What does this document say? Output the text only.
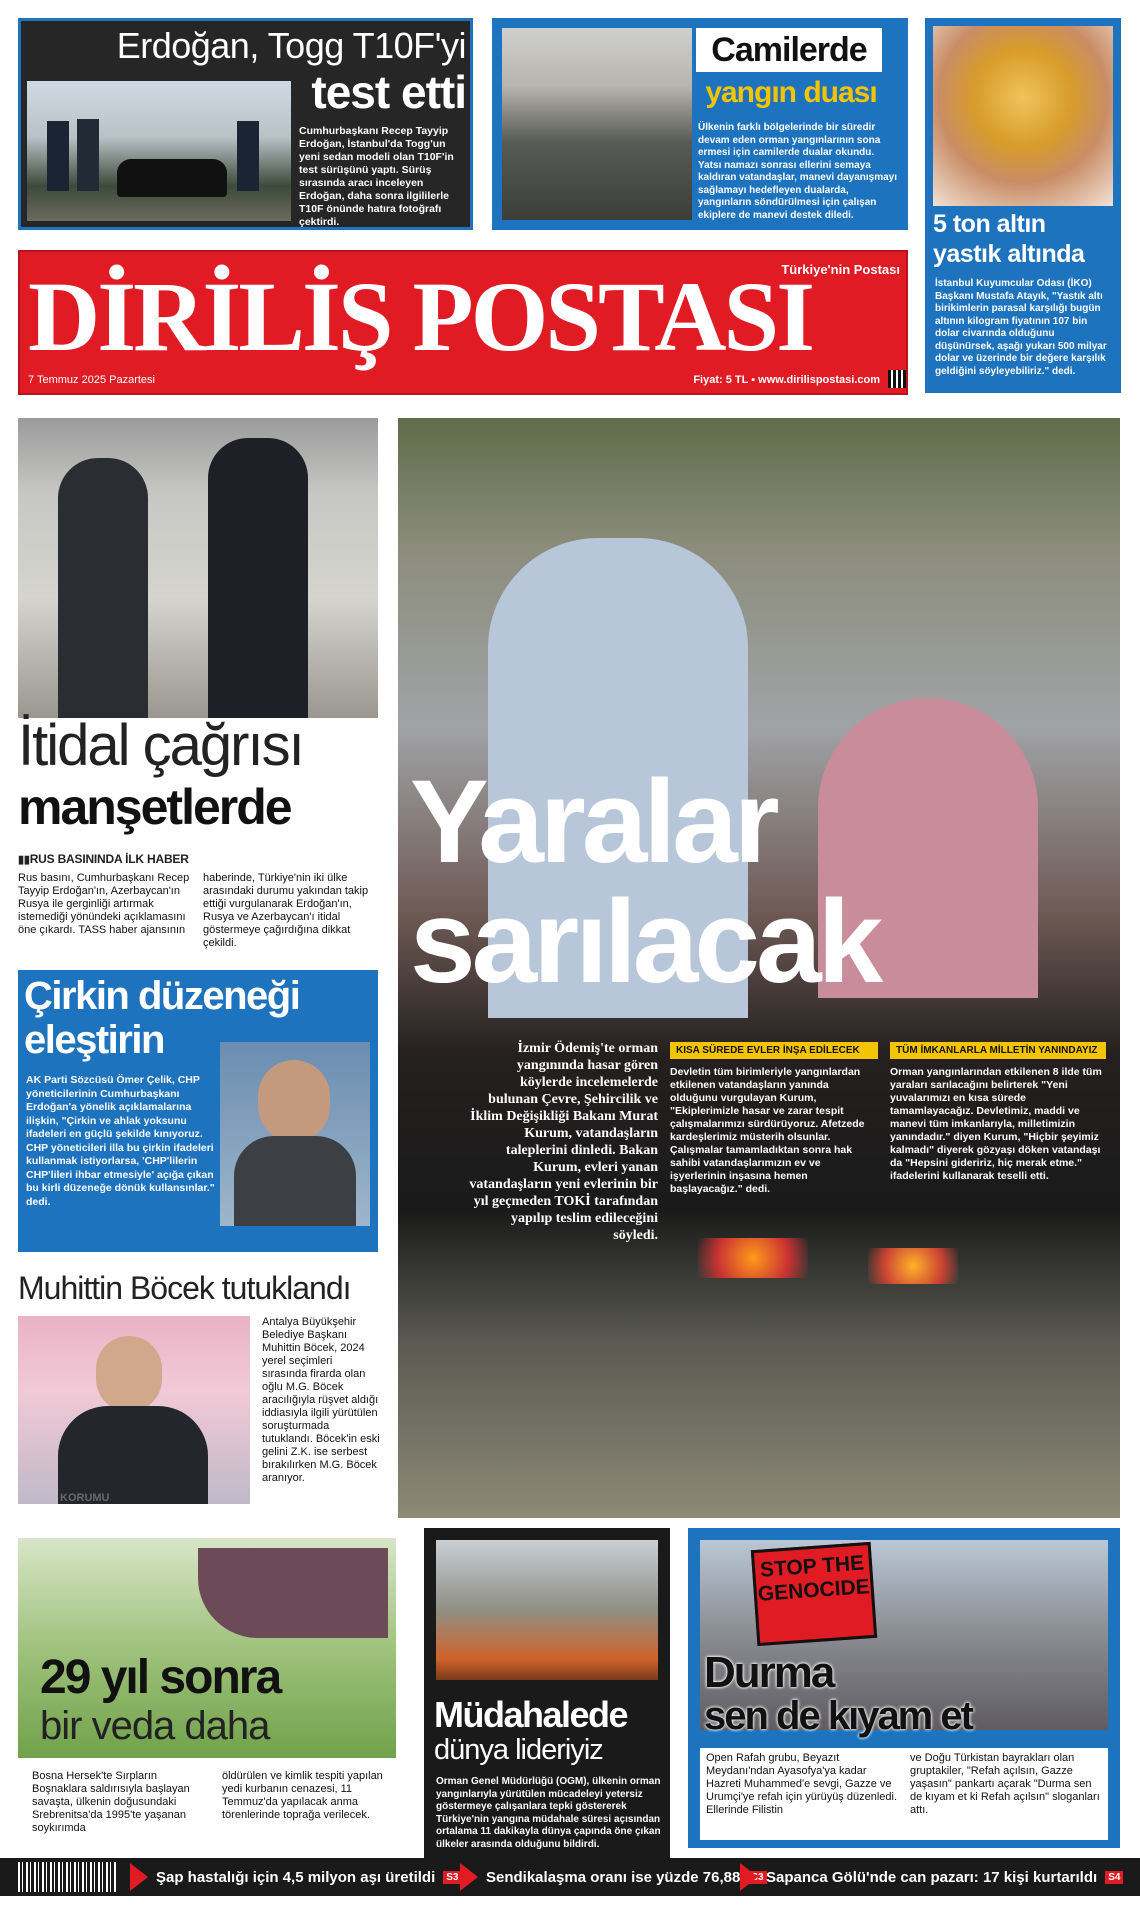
Erdoğan, Togg T10F'yi
test etti
Cumhurbaşkanı Recep Tayyip Erdoğan, İstanbul'da Togg'un yeni sedan modeli olan T10F'in test sürüşünü yaptı. Sürüş sırasında aracı inceleyen Erdoğan, daha sonra ilgililerle T10F önünde hatıra fotoğrafı çektirdi.
Camilerde
yangın duası
Ülkenin farklı bölgelerinde bir süredir devam eden orman yangınlarının sona ermesi için camilerde dualar okundu. Yatsı namazı sonrası ellerini semaya kaldıran vatandaşlar, manevi dayanışmayı sağlamayı hedefleyen dualarda, yangınların söndürülmesi için çalışan ekiplere de manevi destek diledi.	5 ton altın
yastık altında
İstanbul Kuyumcular Odası (İKO) Başkanı Mustafa Atayık, "Yastık altı birikimlerin parasal karşılığı bugün altının kilogram fiyatının 107 bin dolar civarında olduğunu düşünürsek, aşağı yukarı 500 milyar dolar ve üzerinde bir değere karşılık geldiğini söyleyebiliriz." dedi.
DİRİLİŞ POSTASI
Türkiye'nin Postası
7 Temmuz 2025 Pazartesi	Fiyat: 5 TL ▪ www.dirilispostasi.com
İtidal çağrısı
manşetlerde
▮▮ RUS BASININDA İLK HABER
Rus basını, Cumhurbaşkanı Recep Tayyip Erdoğan'ın, Azerbaycan'ın Rusya ile gerginliği artırmak istemediği yönündeki açıklamasını öne çıkardı. TASS haber ajansının
haberinde, Türkiye'nin iki ülke arasındaki durumu yakından takip ettiği vurgulanarak Erdoğan'ın, Rusya ve Azerbaycan'ı itidal göstermeye çağırdığına dikkat çekildi.
Çirkin düzeneği
eleştirin
AK Parti Sözcüsü Ömer Çelik, CHP yöneticilerinin Cumhurbaşkanı Erdoğan'a yönelik açıklamalarına ilişkin, "Çirkin ve ahlak yoksunu ifadeleri en güçlü şekilde kınıyoruz. CHP yöneticileri illa bu çirkin ifadeleri kullanmak istiyorlarsa, 'CHP'lilerin CHP'lileri ihbar etmesiyle' açığa çıkan bu kirli düzeneğe dönük kullansınlar." dedi.
Muhittin Böcek tutuklandı
Antalya Büyükşehir Belediye Başkanı Muhittin Böcek, 2024 yerel seçimleri sırasında firarda olan oğlu M.G. Böcek aracılığıyla rüşvet aldığı iddiasıyla ilgili yürütülen soruşturmada tutuklandı. Böcek'in eski gelini Z.K. ise serbest bırakılırken M.G. Böcek aranıyor.
Yaralar
sarılacak
İzmir Ödemiş'te orman yangınında hasar gören köylerde incelemelerde bulunan Çevre, Şehircilik ve İklim Değişikliği Bakanı Murat Kurum, vatandaşların taleplerini dinledi. Bakan Kurum, evleri yanan vatandaşların yeni evlerinin bir yıl geçmeden TOKİ tarafından yapılıp teslim edileceğini söyledi.
KISA SÜREDE EVLER İNŞA EDİLECEK
Devletin tüm birimleriyle yangınlardan etkilenen vatandaşların yanında olduğunu vurgulayan Kurum, "Ekiplerimizle hasar ve zarar tespit çalışmalarımızı sürdürüyoruz. Afetzede kardeşlerimiz müsterih olsunlar. Çalışmalar tamamladıktan sonra hak sahibi vatandaşlarımızın ev ve işyerlerinin inşasına hemen başlayacağız." dedi.
TÜM İMKANLARLA MİLLETİN YANINDAYIZ
Orman yangınlarından etkilenen 8 ilde tüm yaraları sarılacağını belirterek "Yeni yuvalarımızı en kısa sürede tamamlayacağız. Devletimiz, maddi ve manevi tüm imkanlarıyla, milletimizin yanındadır." diyen Kurum, "Hiçbir şeyimiz kalmadı" diyerek gözyaşı döken vatandaşı da "Hepsini gideririz, hiç merak etme." ifadelerini kullanarak teselli etti.
29 yıl sonra
bir veda daha
Bosna Hersek'te Sırpların Boşnaklara saldırısıyla başlayan savaşta, ülkenin doğusundaki Srebrenitsa'da 1995'te yaşanan soykırımda
öldürülen ve kimlik tespiti yapılan yedi kurbanın cenazesi, 11 Temmuz'da yapılacak anma törenlerinde toprağa verilecek.
Müdahalede
dünya lideriyiz
Orman Genel Müdürlüğü (OGM), ülkenin orman yangınlarıyla yürütülen mücadeleyi yetersiz göstermeye çalışanlara tepki göstererek Türkiye'nin yangına müdahale süresi açısından ortalama 11 dakikayla dünya çapında öne çıkan ülkeler arasında olduğunu bildirdi.
STOP THE GENOCIDE
Durma
sen de kıyam et
Open Rafah grubu, Beyazıt Meydanı'ndan Ayasofya'ya kadar Hazreti Muhammed'e sevgi, Gazze ve Urumçi'ye refah için yürüyüş düzenledi. Ellerinde Filistin
ve Doğu Türkistan bayrakları olan gruptakiler, "Refah açılsın, Gazze yaşasın" pankartı açarak "Durma sen de kıyam et ki Refah açılsın" sloganları attı.
Şap hastalığı için 4,5 milyon aşı üretildi	S3 Sendikalaşma oranı ise yüzde 76,88	S3 Sapanca Gölü'nde can pazarı: 17 kişi kurtarıldı	S4
KORUMU
